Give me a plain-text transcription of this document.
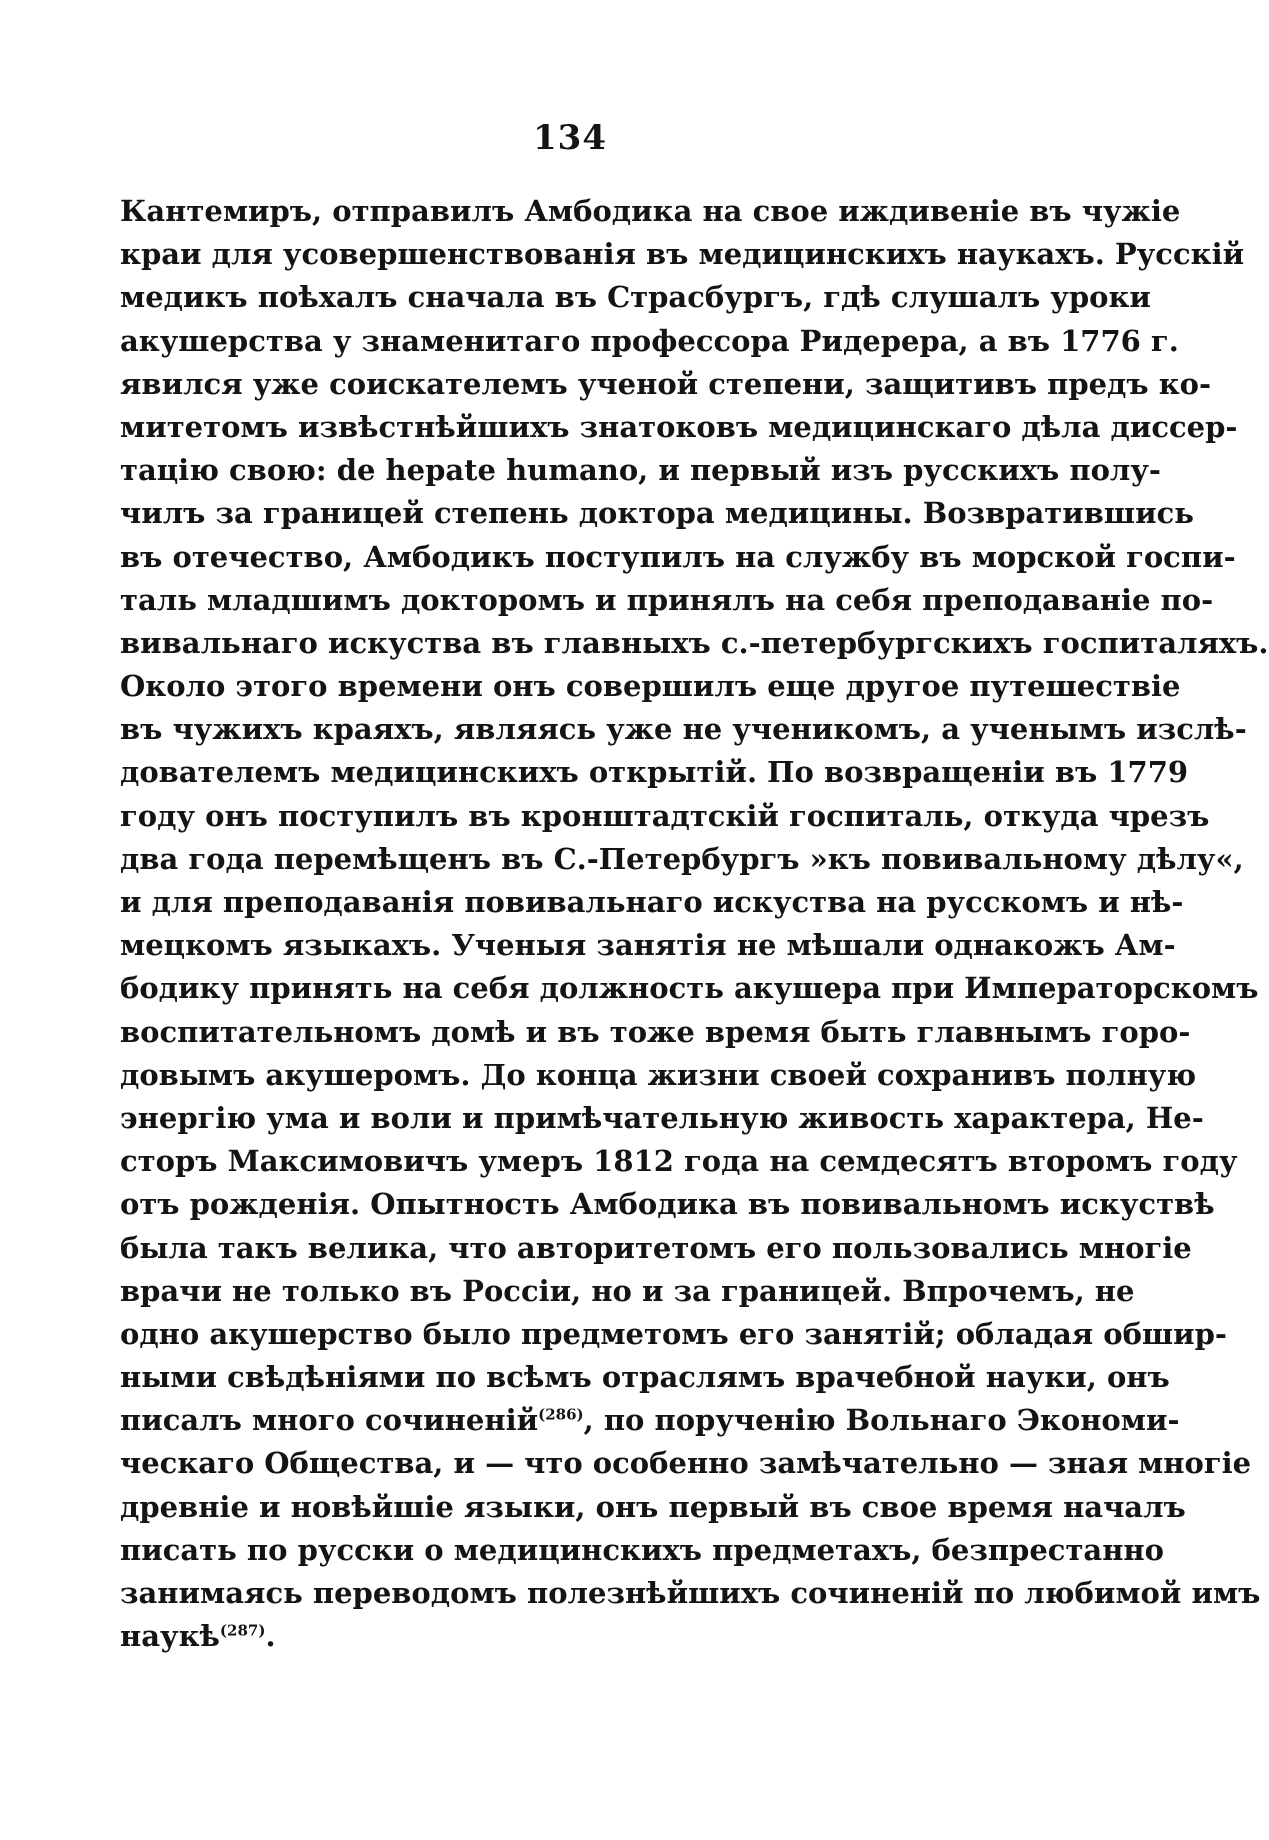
134
Кантемиръ, отправилъ Амбодика на свое иждивеніе въ чужіе
краи для усовершенствованія въ медицинскихъ наукахъ. Русскій
медикъ поѣхалъ сначала въ Страсбургъ, гдѣ слушалъ уроки
акушерства у знаменитаго профессора Ридерера, а въ 1776 г.
явился уже соискателемъ ученой степени, защитивъ предъ ко-
митетомъ извѣстнѣйшихъ знатоковъ медицинскаго дѣла диссер-
тацію свою: de hepate humano, и первый изъ русскихъ полу-
чилъ за границей степень доктора медицины. Возвратившись
въ отечество, Амбодикъ поступилъ на службу въ морской госпи-
таль младшимъ докторомъ и принялъ на себя преподаваніе по-
вивальнаго искуства въ главныхъ с.-петербургскихъ госпиталяхъ.
Около этого времени онъ совершилъ еще другое путешествіе
въ чужихъ краяхъ, являясь уже не ученикомъ, а ученымъ изслѣ-
дователемъ медицинскихъ открытій. По возвращеніи въ 1779
году онъ поступилъ въ кронштадтскій госпиталь, откуда чрезъ
два года перемѣщенъ въ С.-Петербургъ »къ повивальному дѣлу«,
и для преподаванія повивальнаго искуства на русскомъ и нѣ-
мецкомъ языкахъ. Ученыя занятія не мѣшали однакожъ Ам-
бодику принять на себя должность акушера при Императорскомъ
воспитательномъ домѣ и въ тоже время быть главнымъ горо-
довымъ акушеромъ. До конца жизни своей сохранивъ полную
энергію ума и воли и примѣчательную живость характера, Не-
сторъ Максимовичъ умеръ 1812 года на семдесятъ второмъ году
отъ рожденія. Опытность Амбодика въ повивальномъ искуствѣ
была такъ велика, что авторитетомъ его пользовались многіе
врачи не только въ Россіи, но и за границей. Впрочемъ, не
одно акушерство было предметомъ его занятій; обладая обшир-
ными свѣдѣніями по всѣмъ отраслямъ врачебной науки, онъ
писалъ много сочиненій$^{(286)}$, по порученію Вольнаго Экономи-
ческаго Общества, и — что особенно замѣчательно — зная многіе
древніе и новѣйшіе языки, онъ первый въ свое время началъ
писать по русски о медицинскихъ предметахъ, безпрестанно
занимаясь переводомъ полезнѣйшихъ сочиненій по любимой имъ
наукѣ$^{(287)}$.
